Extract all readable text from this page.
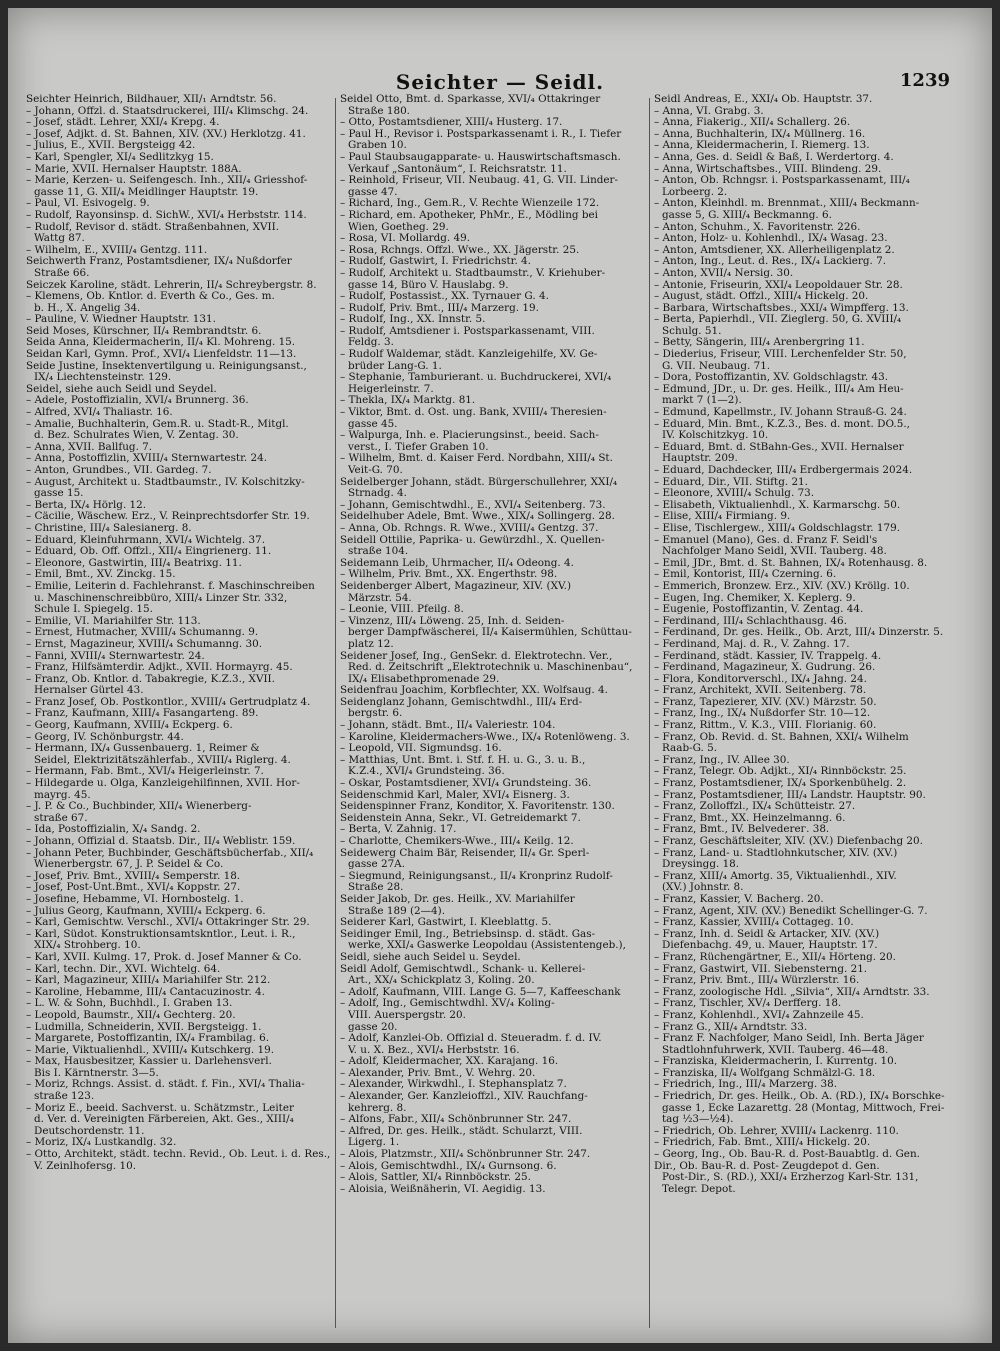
Seichter — Seidl.	1239
Seichter Heinrich, Bildhauer, XII/₁ Arndtstr. 56.
– Johann, Offzl. d. Staatsdruckerei, III/₄ Klimschg. 24.
– Josef, städt. Lehrer, XXI/₄ Krepg. 4.
– Josef, Adjkt. d. St. Bahnen, XIV. (XV.) Herklotzg. 41.
– Julius, E., XVII. Bergsteigg 42.
– Karl, Spengler, XI/₄ Sedlitzkyg 15.
– Marie, XVII. Hernalser Hauptstr. 188A.
– Marie, Kerzen- u. Seifengesch. Inh., XII/₄ Griesshof-
gasse 11, G. XII/₄ Meidlinger Hauptstr. 19.
– Paul, VI. Esivogelg. 9.
– Rudolf, Rayonsinsp. d. SichW., XVI/₄ Herbststr. 114.
– Rudolf, Revisor d. städt. Straßenbahnen, XVII.
Wattg 87.
– Wilhelm, E., XVIII/₄ Gentzg. 111.
Seichwerth Franz, Postamtsdiener, IX/₄ Nußdorfer
Straße 66.
Seiczek Karoline, städt. Lehrerin, II/₄ Schreybergstr. 8.
– Klemens, Ob. Kntlor. d. Everth & Co., Ges. m.
b. H., X. Angelig 34.
– Pauline, V. Wiedner Hauptstr. 131.
Seid Moses, Kürschner, II/₄ Rembrandtstr. 6.
Seida Anna, Kleidermacherin, II/₄ Kl. Mohreng. 15.
Seidan Karl, Gymn. Prof., XVI/₄ Lienfeldstr. 11—13.
Seide Justine, Insektenvertilgung u. Reinigungsanst.,
IX/₄ Liechtensteinstr. 129.
Seidel, siehe auch Seidl und Seydel.
– Adele, Postoffizialin, XVI/₄ Brunnerg. 36.
– Alfred, XVI/₄ Thaliastr. 16.
– Amalie, Buchhalterin, Gem.R. u. Stadt-R., Mitgl.
d. Bez. Schulrates Wien, V. Zentag. 30.
– Anna, XVII. Ballfug. 7.
– Anna, Postoffizlin, XVIII/₄ Sternwartestr. 24.
– Anton, Grundbes., VII. Gardeg. 7.
– August, Architekt u. Stadtbaumstr., IV. Kolschitzky-
gasse 15.
– Berta, IX/₄ Hörlg. 12.
– Cäcilie, Wäschew. Erz., V. Reinprechtsdorfer Str. 19.
– Christine, III/₄ Salesianerg. 8.
– Eduard, Kleinfuhrmann, XVI/₄ Wichtelg. 37.
– Eduard, Ob. Off. Offzl., XII/₄ Eingrienerg. 11.
– Eleonore, Gastwirtin, III/₄ Beatrixg. 11.
– Emil, Bmt., XV. Zinckg. 15.
– Emilie, Leiterin d. Fachlehranst. f. Maschinschreiben
u. Maschinenschreibbüro, XIII/₄ Linzer Str. 332,
Schule I. Spiegelg. 15.
– Emilie, VI. Mariahilfer Str. 113.
– Ernest, Hutmacher, XVIII/₄ Schumanng. 9.
– Ernst, Magazineur, XVIII/₄ Schumanng. 30.
– Fanni, XVIII/₄ Sternwartestr. 24.
– Franz, Hilfsämterdir. Adjkt., XVII. Hormayrg. 45.
– Franz, Ob. Kntlor. d. Tabakregie, K.Z.3., XVII.
Hernalser Gürtel 43.
– Franz Josef, Ob. Postkontlor., XVIII/₄ Gertrudplatz 4.
– Franz, Kaufmann, XIII/₄ Fasangarteng. 89.
– Georg, Kaufmann, XVIII/₄ Eckperg. 6.
– Georg, IV. Schönburgstr. 44.
– Hermann, IX/₄ Gussenbauerg. 1, Reimer &
Seidel, Elektrizitätszählerfab., XVIII/₄ Riglerg. 4.
– Hermann, Fab. Bmt., XVI/₄ Heigerleinstr. 7.
– Hildegarde u. Olga, Kanzleigehilfinnen, XVII. Hor-
mayrg. 45.
– J. P. & Co., Buchbinder, XII/₄ Wienerberg-
straße 67.
– Ida, Postoffizialin, X/₄ Sandg. 2.
– Johann, Offizial d. Staatsb. Dir., II/₄ Weblistr. 159.
– Johann Peter, Buchbinder, Geschäftsbücherfab., XII/₄
Wienerbergstr. 67, J. P. Seidel & Co.
– Josef, Priv. Bmt., XVIII/₄ Semperstr. 18.
– Josef, Post-Unt.Bmt., XVI/₄ Koppstr. 27.
– Josefine, Hebamme, VI. Hornbostelg. 1.
– Julius Georg, Kaufmann, XVIII/₄ Eckperg. 6.
– Karl, Gemischtw. Verschl., XVI/₄ Ottakringer Str. 29.
– Karl, Südot. Konstruktionsamtskntlor., Leut. i. R.,
XIX/₄ Strohberg. 10.
– Karl, XVII. Kulmg. 17, Prok. d. Josef Manner & Co.
– Karl, techn. Dir., XVI. Wichtelg. 64.
– Karl, Magazineur, XIII/₄ Mariahilfer Str. 212.
– Karoline, Hebamme, III/₄ Cantacuzinostr. 4.
– L. W. & Sohn, Buchhdl., I. Graben 13.
– Leopold, Baumstr., XII/₄ Gechterg. 20.
– Ludmilla, Schneiderin, XVII. Bergsteigg. 1.
– Margarete, Postoffizantin, IX/₄ Frambilag. 6.
– Marie, Viktualienhdl., XVIII/₄ Kutschkerg. 19.
– Max, Hausbesitzer, Kassier u. Darlehensverl.
Bis I. Kärntnerstr. 3—5.
– Moriz, Rchngs. Assist. d. städt. f. Fin., XVI/₄ Thalia-
straße 123.
– Moriz E., beeid. Sachverst. u. Schätzmstr., Leiter
d. Ver. d. Vereinigten Färbereien, Akt. Ges., XIII/₄
Deutschordenstr. 11.
– Moriz, IX/₄ Lustkandlg. 32.
– Otto, Architekt, städt. techn. Revid., Ob. Leut. i. d. Res.,
V. Zeinlhofersg. 10.
Seidel Otto, Bmt. d. Sparkasse, XVI/₄ Ottakringer
Straße 180.
– Otto, Postamtsdiener, XIII/₄ Husterg. 17.
– Paul H., Revisor i. Postsparkassenamt i. R., I. Tiefer
Graben 10.
– Paul Staubsaugapparate- u. Hauswirtschaftsmasch.
Verkauf „Santonäum“, I. Reichsratstr. 11.
– Reinhold, Friseur, VII. Neubaug. 41, G. VII. Linder-
gasse 47.
– Richard, Ing., Gem.R., V. Rechte Wienzeile 172.
– Richard, em. Apotheker, PhMr., E., Mödling bei
Wien, Goetheg. 29.
– Rosa, VI. Mollardg. 49.
– Rosa, Rchngs. Offzl. Wwe., XX. Jägerstr. 25.
– Rudolf, Gastwirt, I. Friedrichstr. 4.
– Rudolf, Architekt u. Stadtbaumstr., V. Kriehuber-
gasse 14, Büro V. Hauslabg. 9.
– Rudolf, Postassist., XX. Tyrnauer G. 4.
– Rudolf, Priv. Bmt., III/₄ Marzerg. 19.
– Rudolf, Ing., XX. Innstr. 5.
– Rudolf, Amtsdiener i. Postsparkassenamt, VIII.
Feldg. 3.
– Rudolf Waldemar, städt. Kanzleigehilfe, XV. Ge-
brüder Lang-G. 1.
– Stephanie, Tamburierant. u. Buchdruckerei, XVI/₄
Heigerleinstr. 7.
– Thekla, IX/₄ Marktg. 81.
– Viktor, Bmt. d. Öst. ung. Bank, XVIII/₄ Theresien-
gasse 45.
– Walpurga, Inh. e. Placierungsinst., beeid. Sach-
verst., I. Tiefer Graben 10.
– Wilhelm, Bmt. d. Kaiser Ferd. Nordbahn, XIII/₄ St.
Veit-G. 70.
Seidelberger Johann, städt. Bürgerschullehrer, XXI/₄
Strnadg. 4.
– Johann, Gemischtwdhl., E., XVI/₄ Seitenberg. 73.
Seidelhuber Adele, Bmt. Wwe., XIX/₄ Sollingerg. 28.
– Anna, Ob. Rchngs. R. Wwe., XVIII/₄ Gentzg. 37.
Seidell Ottilie, Paprika- u. Gewürzdhl., X. Quellen-
straße 104.
Seidemann Leib, Uhrmacher, II/₄ Odeong. 4.
– Wilhelm, Priv. Bmt., XX. Engerthstr. 98.
Seidenberger Albert, Magazineur, XIV. (XV.)
Märzstr. 54.
– Leonie, VIII. Pfeilg. 8.
– Vinzenz, III/₄ Löweng. 25, Inh. d. Seiden-
berger Dampfwäscherei, II/₄ Kaisermühlen, Schüttau-
platz 12.
Seidener Josef, Ing., GenSekr. d. Elektrotechn. Ver.,
Red. d. Zeitschrift „Elektrotechnik u. Maschinenbau“,
IX/₄ Elisabethpromenade 29.
Seidenfrau Joachim, Korbflechter, XX. Wolfsaug. 4.
Seidenglanz Johann, Gemischtwdhl., III/₄ Erd-
bergstr. 6.
– Johann, städt. Bmt., II/₄ Valeriestr. 104.
– Karoline, Kleidermachers-Wwe., IX/₄ Rotenlöweng. 3.
– Leopold, VII. Sigmundsg. 16.
– Matthias, Unt. Bmt. i. Stf. f. H. u. G., 3. u. B.,
K.Z.4., XVI/₄ Grundsteing. 36.
– Oskar, Postamtsdiener, XVI/₄ Grundsteing. 36.
Seidenschmid Karl, Maler, XVI/₄ Eisnerg. 3.
Seidenspinner Franz, Konditor, X. Favoritenstr. 130.
Seidenstein Anna, Sekr., VI. Getreidemarkt 7.
– Berta, V. Zahnig. 17.
– Charlotte, Chemikers-Wwe., III/₄ Keilg. 12.
Seidewerg Chaim Bär, Reisender, II/₄ Gr. Sperl-
gasse 27A.
– Siegmund, Reinigungsanst., II/₄ Kronprinz Rudolf-
Straße 28.
Seider Jakob, Dr. ges. Heilk., XV. Mariahilfer
Straße 189 (2—4).
Seiderer Karl, Gastwirt, I. Kleeblattg. 5.
Seidinger Emil, Ing., Betriebsinsp. d. städt. Gas-
werke, XXI/₄ Gaswerke Leopoldau (Assistentengeb.),
Seidl, siehe auch Seidel u. Seydel.
Seidl Adolf, Gemischtwdl., Schank- u. Kellerei-
Art., XX/₄ Schickplatz 3, Koling. 20.
– Adolf, Kaufmann, VIII. Lange G. 5—7, Kaffeeschank
– Adolf, Ing., Gemischtwdhl. XV/₄ Koling-
VIII. Auerspergstr. 20.
gasse 20.
– Adolf, Kanzlei-Ob. Offizial d. Steueradm. f. d. IV.
V. u. X. Bez., XVI/₄ Herbststr. 16.
– Adolf, Kleidermacher, XX. Karajang. 16.
– Alexander, Priv. Bmt., V. Wehrg. 20.
– Alexander, Wirkwdhl., I. Stephansplatz 7.
– Alexander, Ger. Kanzleioffzl., XIV. Rauchfang-
kehrerg. 8.
– Alfons, Fabr., XII/₄ Schönbrunner Str. 247.
– Alfred, Dr. ges. Heilk., städt. Schularzt, VIII.
Ligerg. 1.
– Alois, Platzmstr., XII/₄ Schönbrunner Str. 247.
– Alois, Gemischtwdhl., IX/₄ Gurnsong. 6.
– Alois, Sattler, XI/₄ Rinnböckstr. 25.
– Aloisia, Weißnäherin, VI. Aegidig. 13.
Seidl Andreas, E., XXI/₄ Ob. Hauptstr. 37.
– Anna, VI. Grabg. 3.
– Anna, Fiakerig., XII/₄ Schallerg. 26.
– Anna, Buchhalterin, IX/₄ Müllnerg. 16.
– Anna, Kleidermacherin, I. Riemerg. 13.
– Anna, Ges. d. Seidl & Baß, I. Werdertorg. 4.
– Anna, Wirtschaftsbes., VIII. Blindeng. 29.
– Anton, Ob. Rchngsr. i. Postsparkassenamt, III/₄
Lorbeerg. 2.
– Anton, Kleinhdl. m. Brennmat., XIII/₄ Beckmann-
gasse 5, G. XIII/₄ Beckmanng. 6.
– Anton, Schuhm., X. Favoritenstr. 226.
– Anton, Holz- u. Kohlenhdl., IX/₄ Wasag. 23.
– Anton, Amtsdiener, XX. Allerheiligenplatz 2.
– Anton, Ing., Leut. d. Res., IX/₄ Lackierg. 7.
– Anton, XVII/₄ Nersig. 30.
– Antonie, Friseurin, XXI/₄ Leopoldauer Str. 28.
– August, städt. Offzl., XIII/₄ Hickelg. 20.
– Barbara, Wirtschaftsbes., XXI/₄ Wimpfferg. 13.
– Berta, Papierhdl., VII. Zieglerg. 50, G. XVIII/₄
Schulg. 51.
– Betty, Sängerin, III/₄ Arenbergring 11.
– Diederius, Friseur, VIII. Lerchenfelder Str. 50,
G. VII. Neubaug. 71.
– Dora, Postoffizantin, XV. Goldschlagstr. 43.
– Edmund, JDr., u. Dr. ges. Heilk., III/₄ Am Heu-
markt 7 (1—2).
– Edmund, Kapellmstr., IV. Johann Strauß-G. 24.
– Eduard, Min. Bmt., K.Z.3., Bes. d. mont. DO.5.,
IV. Kolschitzkyg. 10.
– Eduard, Bmt. d. StBahn-Ges., XVII. Hernalser
Hauptstr. 209.
– Eduard, Dachdecker, III/₄ Erdbergermais 2024.
– Eduard, Dir., VII. Stiftg. 21.
– Eleonore, XVIII/₄ Schulg. 73.
– Elisabeth, Viktualienhdl., X. Karmarschg. 50.
– Elise, XIII/₄ Firmiang. 9.
– Elise, Tischlergew., XIII/₄ Goldschlagstr. 179.
– Emanuel (Mano), Ges. d. Franz F. Seidl's
Nachfolger Mano Seidl, XVII. Tauberg. 48.
– Emil, JDr., Bmt. d. St. Bahnen, IX/₄ Rotenhausg. 8.
– Emil, Kontorist, III/₄ Czerning. 6.
– Emmerich, Bronzew. Erz., XIV. (XV.) Kröllg. 10.
– Eugen, Ing. Chemiker, X. Keplerg. 9.
– Eugenie, Postoffizantin, V. Zentag. 44.
– Ferdinand, III/₄ Schlachthausg. 46.
– Ferdinand, Dr. ges. Heilk., Ob. Arzt, III/₄ Dinzerstr. 5.
– Ferdinand, Maj. d. R., V. Zahng. 17.
– Ferdinand, städt. Kassier, IV. Trappelg. 4.
– Ferdinand, Magazineur, X. Gudrung. 26.
– Flora, Konditorverschl., IX/₄ Jahng. 24.
– Franz, Architekt, XVII. Seitenberg. 78.
– Franz, Tapezierer, XIV. (XV.) Märzstr. 50.
– Franz, Ing., IX/₄ Nußdorfer Str. 10—12.
– Franz, Rittm., V. K.3., VIII. Florianig. 60.
– Franz, Ob. Revid. d. St. Bahnen, XXI/₄ Wilhelm
Raab-G. 5.
– Franz, Ing., IV. Allee 30.
– Franz, Telegr. Ob. Adjkt., XI/₄ Rinnböckstr. 25.
– Franz, Postamtsdiener, IX/₄ Sporkenbühelg. 2.
– Franz, Postamtsdiener, III/₄ Landstr. Hauptstr. 90.
– Franz, Zolloffzl., IX/₄ Schütteistr. 27.
– Franz, Bmt., XX. Heinzelmanng. 6.
– Franz, Bmt., IV. Belvederег. 38.
– Franz, Geschäftsleiter, XIV. (XV.) Diefenbachg 20.
– Franz, Land- u. Stadtlohnkutscher, XIV. (XV.)
Dreysingg. 18.
– Franz, XIII/₄ Amortg. 35, Viktualienhdl., XIV.
(XV.) Johnstr. 8.
– Franz, Kassier, V. Bacherg. 20.
– Franz, Agent, XIV. (XV.) Benedikt Schellinger-G. 7.
– Franz, Kassier, XVIII/₄ Cottageg. 10.
– Franz, Inh. d. Seidl & Artacker, XIV. (XV.)
Diefenbachg. 49, u. Mauer, Hauptstr. 17.
– Franz, Rüchengärtner, E., XII/₄ Hörteng. 20.
– Franz, Gastwirt, VII. Siebensterng. 21.
– Franz, Priv. Bmt., III/₄ Würzlerstr. 16.
– Franz, zoologische Hdl. „Silvia“, XII/₄ Arndtstr. 33.
– Franz, Tischler, XV/₄ Derfferg. 18.
– Franz, Kohlenhdl., XVI/₄ Zahnzeile 45.
– Franz G., XII/₄ Arndtstr. 33.
– Franz F. Nachfolger, Mano Seidl, Inh. Berta Jäger
Stadtlohnfuhrwerk, XVII. Tauberg. 46—48.
– Franziska, Kleidermacherin, I. Kurrentg. 10.
– Franziska, II/₄ Wolfgang Schmälzl-G. 18.
– Friedrich, Ing., III/₄ Marzerg. 38.
– Friedrich, Dr. ges. Heilk., Ob. A. (RD.), IX/₄ Borschke-
gasse 1, Ecke Lazarettg. 28 (Montag, Mittwoch, Frei-
tag ½3—½4).
– Friedrich, Ob. Lehrer, XVIII/₄ Lackenrg. 110.
– Friedrich, Fab. Bmt., XIII/₄ Hickelg. 20.
– Georg, Ing., Ob. Bau-R. d. Post-Bauabtlg. d. Gen.
Dir., Ob. Bau-R. d. Post- Zeugdepot d. Gen.
Post-Dir., S. (RD.), XXI/₄ Erzherzog Karl-Str. 131,
Telegr. Depot.
